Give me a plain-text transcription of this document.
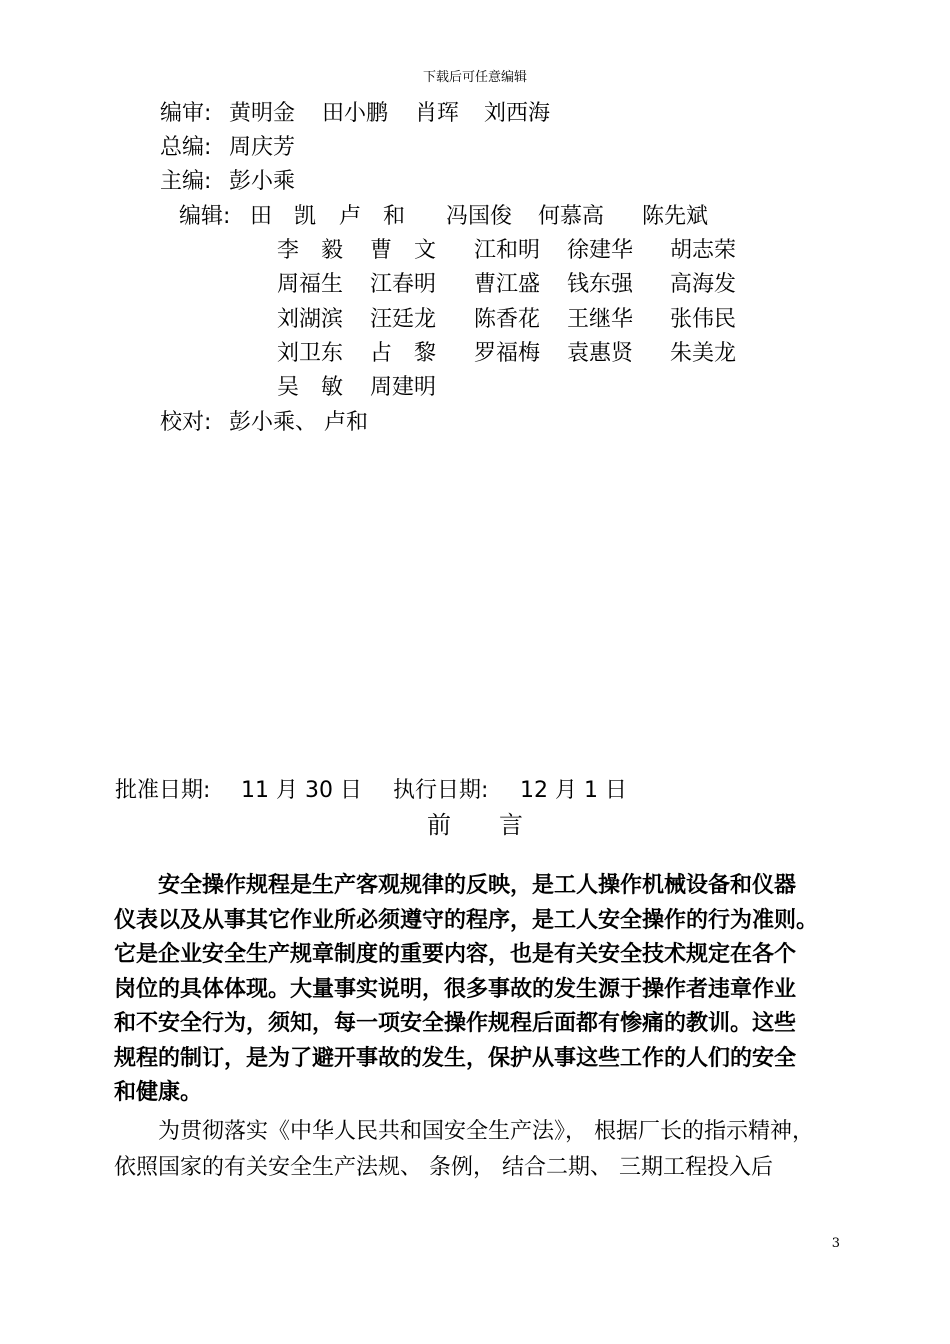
下载后可任意编辑
编审: 黄明金 田小鹏 肖珲 刘西海
总编: 周庆芳
主编: 彭小乘
编辑: 田　凯 卢　和 冯国俊 何慕高 陈先斌
李　毅 曹　文 江和明 徐建华 胡志荣
周福生 江春明 曹江盛 钱东强 高海发
刘湖滨 汪廷龙 陈香花 王继华 张伟民
刘卫东 占　黎 罗福梅 袁惠贤 朱美龙
吴　敏 周建明
校对: 彭小乘、 卢和
批准日期: 11 月 30 日 执行日期: 12 月 1 日
前　　言
　　安全操作规程是生产客观规律的反映，是工人操作机械设备和仪器
仪表以及从事其它作业所必须遵守的程序，是工人安全操作的行为准则。
它是企业安全生产规章制度的重要内容，也是有关安全技术规定在各个
岗位的具体体现。大量事实说明，很多事故的发生源于操作者违章作业
和不安全行为，须知，每一项安全操作规程后面都有惨痛的教训。这些
规程的制订，是为了避开事故的发生，保护从事这些工作的人们的安全
和健康。
　　为贯彻落实《中华人民共和国安全生产法》， 根据厂长的指示精神，
依照国家的有关安全生产法规、 条例， 结合二期、 三期工程投入后
3
